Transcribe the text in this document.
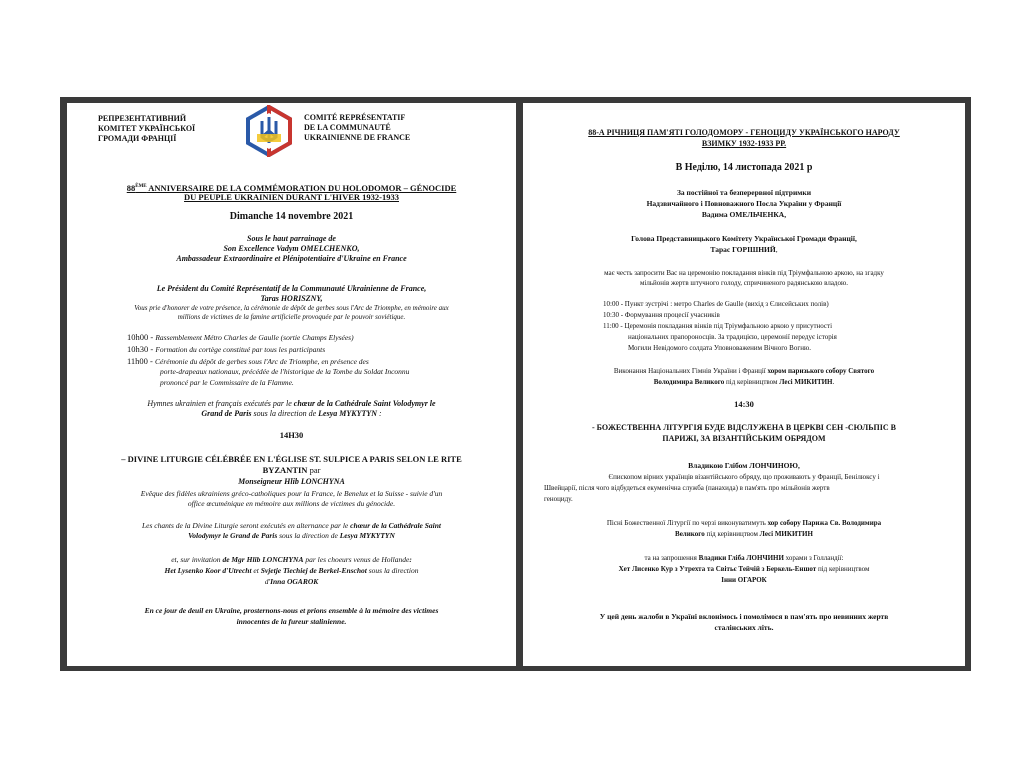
РЕПРЕЗЕНТАТИВНИЙ
КОМІТЕТ УКРАЇНСЬКОЇ
ГРОМАДИ ФРАНЦІЇ
COMITÉ REPRÉSENTATIF
DE LA COMMUNAUTÉ
UKRAINIENNE DE FRANCE
88ÈME ANNIVERSAIRE DE LA COMMÉMORATION DU HOLODOMOR – GÉNOCIDE
DU PEUPLE UKRAINIEN DURANT L'HIVER 1932-1933
Dimanche 14 novembre 2021
Sous le haut parrainage de
Son Excellence Vadym OMELCHENKO,
Ambassadeur Extraordinaire et Plénipotentiaire d'Ukraine en France
Le Président du Comité Représentatif de la Communauté Ukrainienne de France,
Taras HORISZNY,
Vous prie d'honorer de votre présence, la cérémonie de dépôt de gerbes sous l'Arc de Triomphe, en mémoire aux
millions de victimes de la famine artificielle provoquée par le pouvoir soviétique.
10h00 - Rassemblement Métro Charles de Gaulle (sortie Champs Elysées)
10h30 - Formation du cortège constitué par tous les participants
11h00 - Cérémonie du dépôt de gerbes sous l'Arc de Triomphe, en présence des
porte-drapeaux nationaux, précédée de l'historique de la Tombe du Soldat Inconnu
prononcé par le Commissaire de la Flamme.
Hymnes ukrainien et français exécutés par le chœur de la Cathédrale Saint Volodymyr le
Grand de Paris sous la direction de Lesya MYKYTYN :
14H30
– DIVINE LITURGIE CÉLÉBRÉE EN L'ÉGLISE ST. SULPICE A PARIS SELON LE RITE
BYZANTIN par
Monseigneur Hlib LONCHYNA
Evêque des fidèles ukrainiens gréco-catholiques pour la France, le Benelux et la Suisse - suivie d'un
office œcuménique en mémoire aux millions de victimes du génocide.
Les chants de la Divine Liturgie seront exécutés en alternance par le chœur de la Cathédrale Saint
Volodymyr le Grand de Paris sous la direction de Lesya MYKYTYN
et, sur invitation de Mgr Hlib LONCHYNA par les choeurs venus de Hollande:
Het Lysenko Koor d'Utrecht et Svjetje Tiechiej de Berkel-Enschot sous la direction
d'Inna OGAROK
En ce jour de deuil en Ukraine, prosternons-nous et prions ensemble à la mémoire des victimes
innocentes de la fureur stalinienne.
88-А РІЧНИЦЯ ПАМ'ЯТІ ГОЛОДОМОРУ - ГЕНОЦИДУ УКРАЇНСЬКОГО НАРОДУ
ВЗИМКУ 1932-1933 РР.
В Неділю, 14 листопада 2021 р
За постійної та безперервної підтримки
Надзвичайного і Повноважного Посла України у Франції
Вадима ОМЕЛЬЧЕНКА,
Голова Представницького Комітету Української Громади Франції,
Тарас ГОРІШНИЙ,
має честь запросити Вас на церемонію покладання вінків під Тріумфальною аркою, на згадку
мільйонів жертв штучного голоду, спричиненого радянською владою.
10:00 - Пункт зустрічі : метро Charles de Gaulle (вихід з Єлисейських полів)
10:30 - Формування процесії учасників
11:00 - Церемонія покладання вінків під Тріумфальною аркою у присутності
національних прапороносців. За традицією, церемонії передує історія
Могили Невідомого солдата Уповноваженим Вічного Вогню.
Виконання Національних Гімнів України і Франції хором паризького собору Святого
Володимира Великого під керівництвом Лесі МИКИТИН.
14:30
- БОЖЕСТВЕННА ЛІТУРГІЯ БУДЕ ВІДСЛУЖЕНА В ЦЕРКВІ СЕН -СЮЛЬПІС В
ПАРИЖІ, ЗА ВІЗАНТІЙСЬКИМ ОБРЯДОМ
Владикою Глібом ЛОНЧИНОЮ,
Єпископом вірних українців візантійського обряду, що проживають у Франції, Бенілюксу і
Швейцарії, після чого відбудеться екуменічна служба (панахида) в пам'ять про мільйонів жертв
геноциду.
Пісні Божественної Літургії по черзі виконуватимуть хор собору Парижа Св. Володимира
Великого під керівництвом Лесі МИКИТИН
та на запрошення Владики Гліба ЛОНЧИНИ хорами з Голландії:
Хет Лисенко Кур з Утрехта та Світьє Тейчій з Беркель-Еншот під керівництвом
Інни ОГАРОК
У цей день жалоби в Україні вклонімось і помолімося в пам'ять про невинних жертв
сталінських літь.
